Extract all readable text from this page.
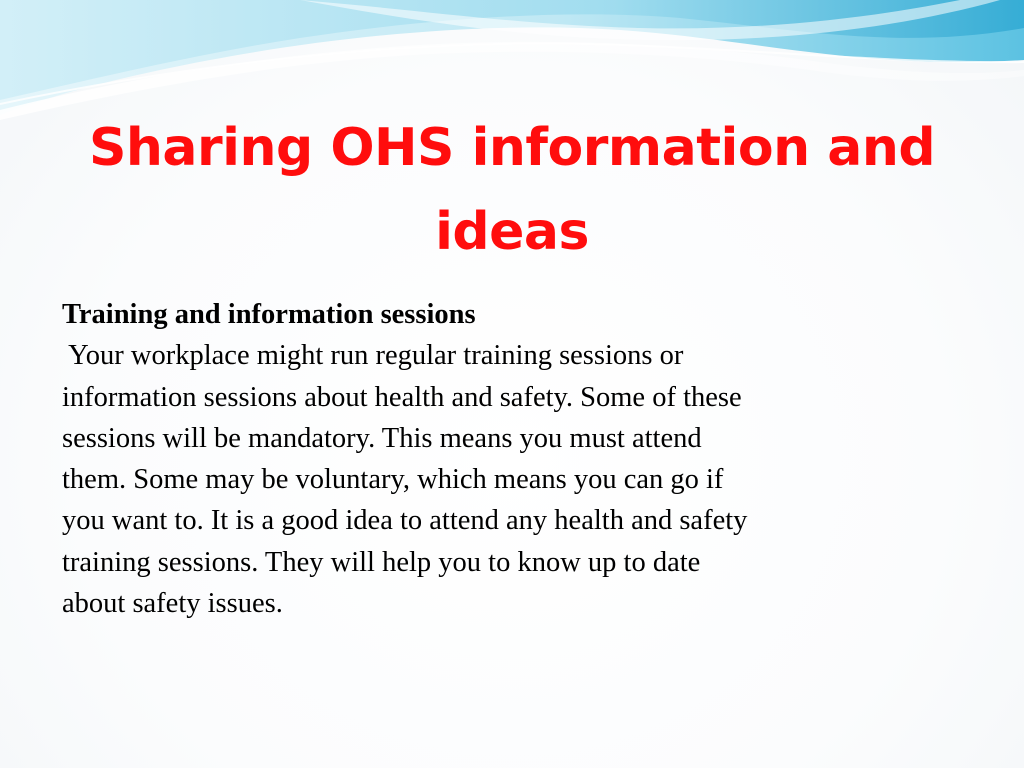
Sharing OHS information and
ideas

Training and information sessions

Your workplace might run regular training sessions or
information sessions about health and safety. Some of these
sessions will be mandatory. This means you must attend
them. Some may be voluntary, which means you can go if
you want to. It is a good idea to attend any health and safety
training sessions. They will help you to know up to date
about safety issues.
